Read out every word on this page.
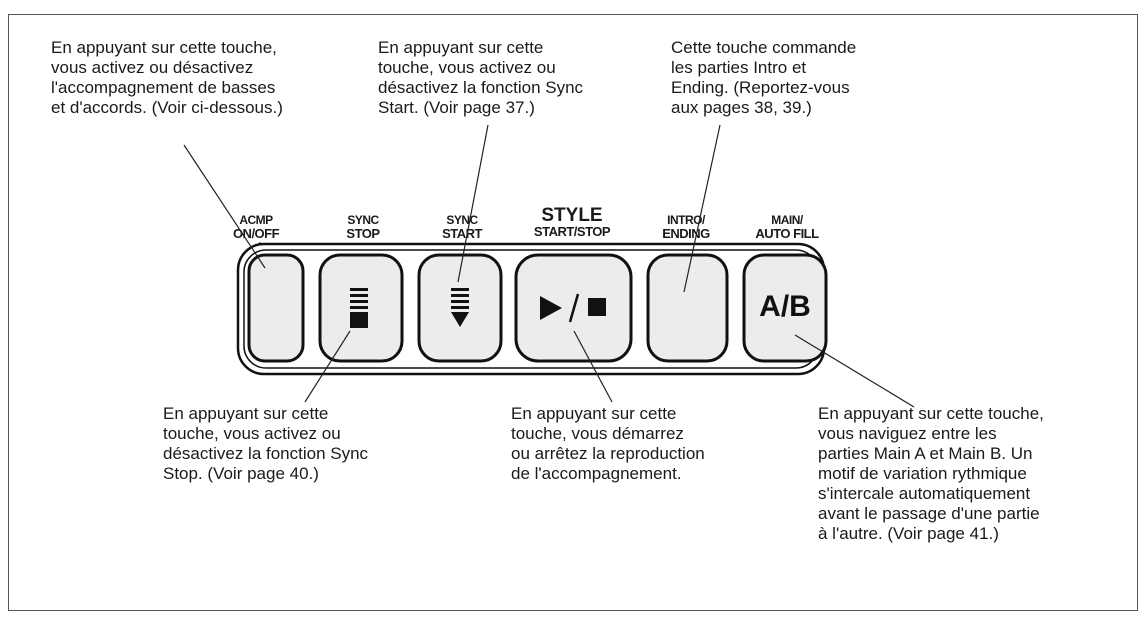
En appuyant sur cette touche,
vous activez ou désactivez
l'accompagnement de basses
et d'accords. (Voir ci-dessous.)
En appuyant sur cette
touche, vous activez ou
désactivez la fonction Sync
Start. (Voir page 37.)
Cette touche commande
les parties Intro et
Ending. (Reportez-vous
aux pages 38, 39.)
En appuyant sur cette
touche, vous activez ou
désactivez la fonction Sync
Stop. (Voir page 40.)
En appuyant sur cette
touche, vous démarrez
ou arrêtez la reproduction
de l'accompagnement.
En appuyant sur cette touche,
vous naviguez entre les
parties Main A et Main B. Un
motif de variation rythmique
s'intercale automatiquement
avant le passage d'une partie
à l'autre. (Voir page 41.)
ACMP
ON/OFF
SYNC
STOP
SYNC
START
STYLE
START/STOP
INTRO/
ENDING
MAIN/
AUTO FILL
A/B
